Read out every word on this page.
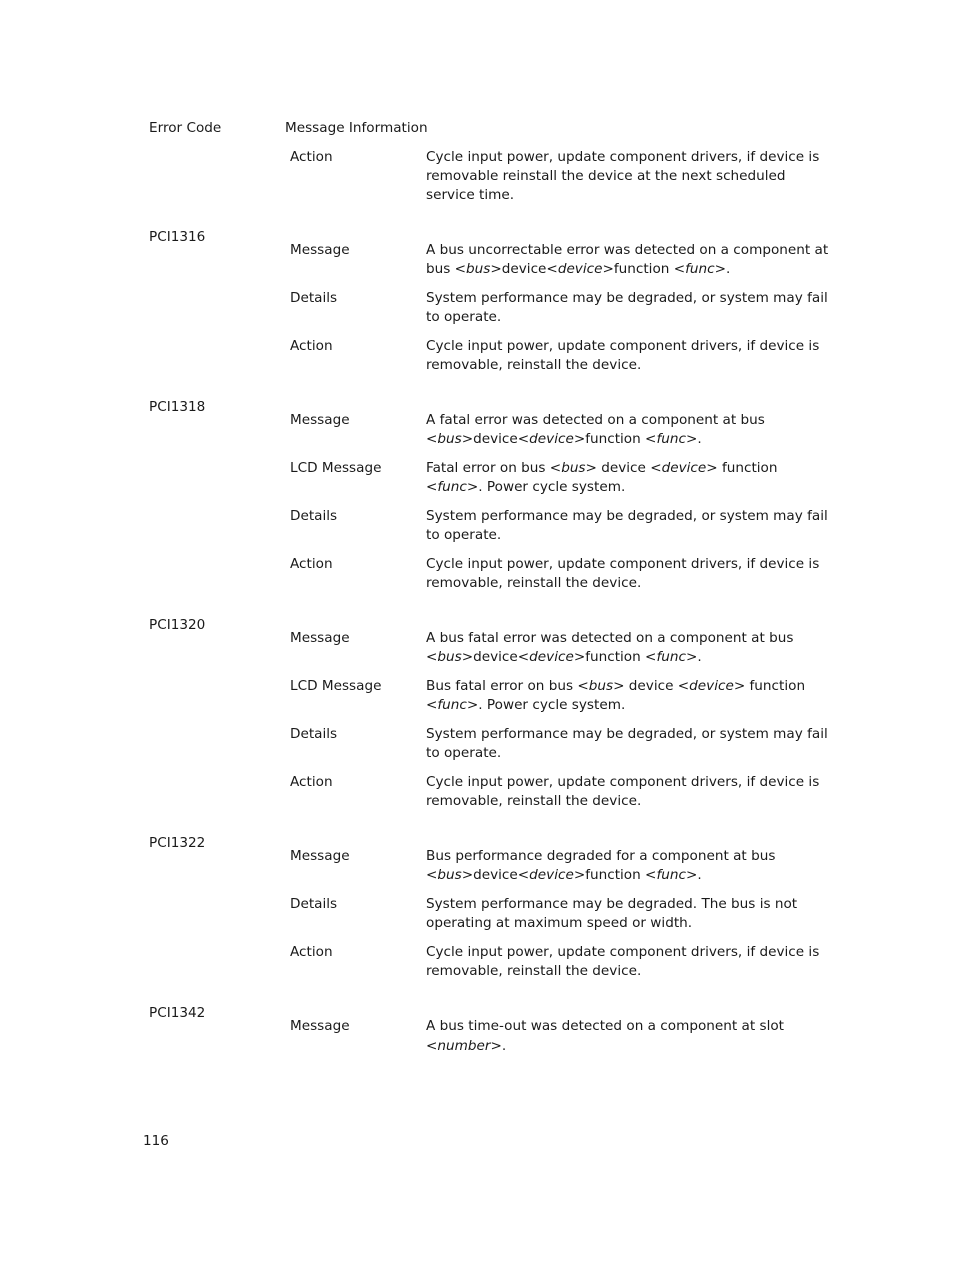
Error Code	Message Information
Action	Cycle input power, update component drivers, if device is removable reinstall the device at the next scheduled service time.
PCI1316
Message	A bus uncorrectable error was detected on a component at bus <bus>device<device>function <func>.
Details	System performance may be degraded, or system may fail to operate.
Action	Cycle input power, update component drivers, if device is removable, reinstall the device.
PCI1318
Message	A fatal error was detected on a component at bus <bus>device<device>function <func>.
LCD Message	Fatal error on bus <bus> device <device> function <func>. Power cycle system.
Details	System performance may be degraded, or system may fail to operate.
Action	Cycle input power, update component drivers, if device is removable, reinstall the device.
PCI1320
Message	A bus fatal error was detected on a component at bus <bus>device<device>function <func>.
LCD Message	Bus fatal error on bus <bus> device <device> function <func>. Power cycle system.
Details	System performance may be degraded, or system may fail to operate.
Action	Cycle input power, update component drivers, if device is removable, reinstall the device.
PCI1322
Message	Bus performance degraded for a component at bus <bus>device<device>function <func>.
Details	System performance may be degraded. The bus is not operating at maximum speed or width.
Action	Cycle input power, update component drivers, if device is removable, reinstall the device.
PCI1342
Message	A bus time-out was detected on a component at slot <number>.
116
